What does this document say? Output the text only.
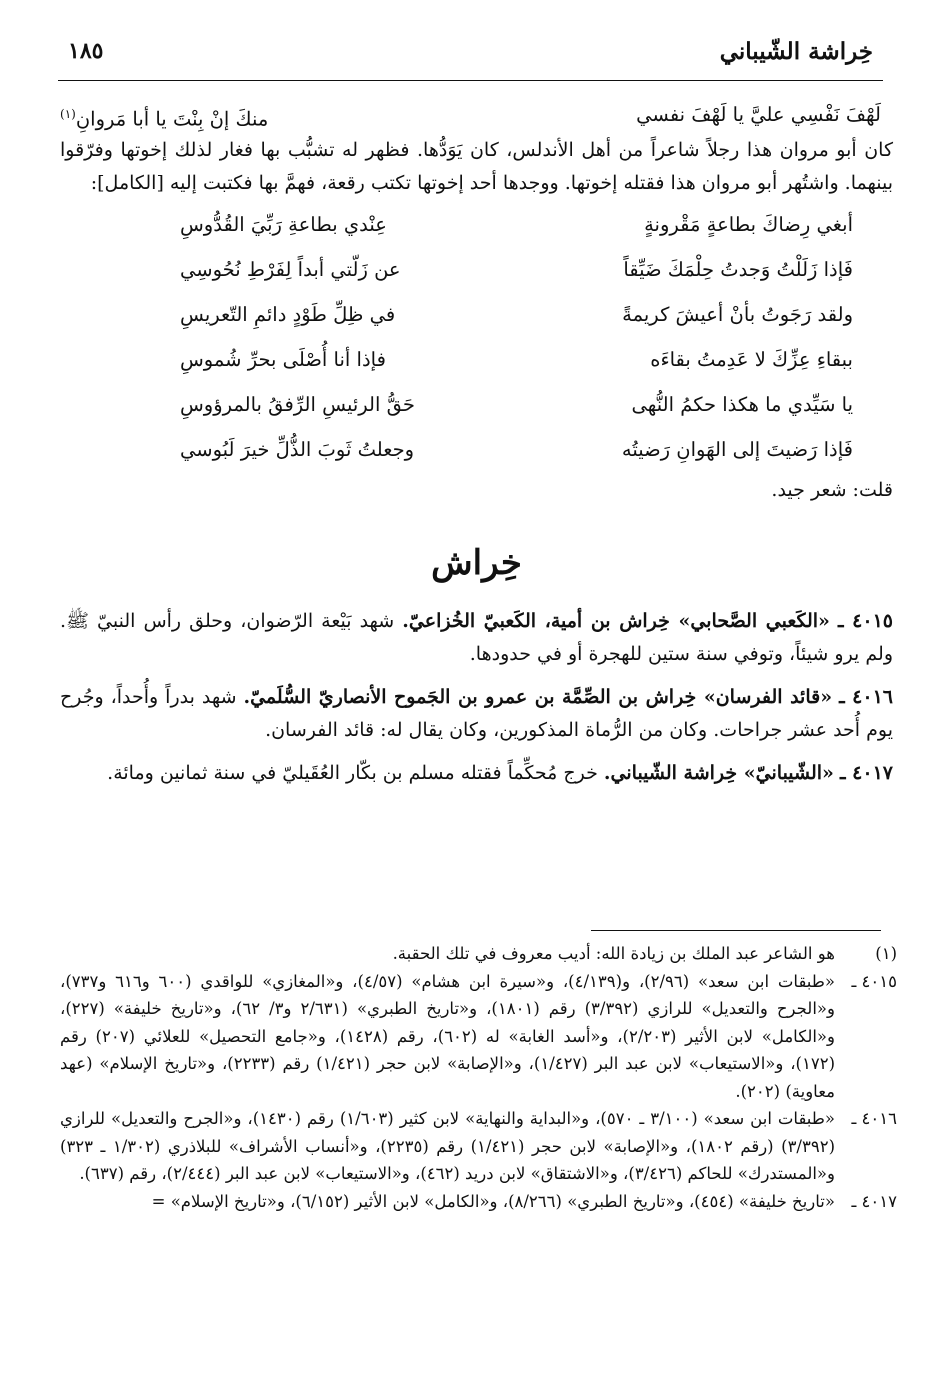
خِراشة الشّيباني
١٨٥
لَهْفَ نَفْسِي عليَّ يا لَهْفَ نفسي
منكَ إنْ بِنْتَ يا أبا مَروانِ$^{(١)}$

كان أبو مروان هذا رجلاً شاعراً من أهل الأندلس، كان يَوَدُّها. فظهر له تشبُّب بها فغار لذلك إخوتها وفرّقوا بينهما. واشتُهر أبو مروان هذا فقتله إخوتها. ووجدها أحد إخوتها تكتب رقعة، فهمَّ بها فكتبت إليه [الكامل]:

أبغي رِضاكَ بطاعةٍ مَقْرونةٍ
عِنْدي بطاعةِ رَبِّيَ القُدُّوسِ
فَإذا زَلَلْتُ وَجدتُ حِلْمَكَ ضَيِّقاً
عن زَلّتي أبداً لِفَرْطِ نُحُوسِي
ولقد رَجَوتُ بأنْ أعيشَ كريمةً
في ظِلِّ طَوْدٍ دائمِ التّعريسِ
ببقاءِ عِزِّكَ لا عَدِمتُ بقاءَه
فإذا أنا أُصْلَى بحرِّ شُموسِ
يا سَيِّدي ما هكذا حكمُ النُّهى
حَقُّ الرئيسِ الرِّفقُ بالمرؤوسِ
فَإذا رَضيتَ إلى الهَوانِ رَضيتُه
وجعلتُ ثَوبَ الذُّلِّ خيرَ لَبُوسي

قلت: شعر جيد.

خِراش

٤٠١٥ ـ «الكَعبي الصَّحابي» خِراش بن أمية، الكَعبيّ الخُزاعيّ. شهد بَيْعة الرّضوان، وحلق رأس النبيّ ﷺ. ولم يرو شيئاً، وتوفي سنة ستين للهجرة أو في حدودها.

٤٠١٦ ـ «قائد الفرسان» خِراش بن الصِّمَّة بن عمرو بن الجَموح الأنصاريّ السُّلَميّ. شهد بدراً وأُحداً، وجُرح يوم أُحد عشر جراحات. وكان من الرُّماة المذكورين، وكان يقال له: قائد الفرسان.

٤٠١٧ ـ «الشّيبانيّ» خِراشة الشّيباني. خرج مُحكِّماً فقتله مسلم بن بكّار العُقَيليّ في سنة ثمانين ومائة.

(١)
هو الشاعر عبد الملك بن زيادة الله: أديب معروف في تلك الحقبة.
٤٠١٥ ـ
«طبقات ابن سعد» (٢/٩٦)، و(٤/١٣٩)، و«سيرة ابن هشام» (٤/٥٧)، و«المغازي» للواقدي (٦٠٠ و٦١٦ و٧٣٧)، و«الجرح والتعديل» للرازي (٣/٣٩٢) رقم (١٨٠١)، و«تاريخ الطبري» (٢/٦٣١ و٣/ ٦٢)، و«تاريخ خليفة» (٢٢٧)، و«الكامل» لابن الأثير (٢/٢٠٣)، و«أسد الغابة» له (٦٠٢)، رقم (١٤٢٨)، و«جامع التحصيل» للعلائي (٢٠٧) رقم (١٧٢)، و«الاستيعاب» لابن عبد البر (١/٤٢٧)، و«الإصابة» لابن حجر (١/٤٢١) رقم (٢٢٣٣)، و«تاريخ الإسلام» (عهد معاوية) (٢٠٢).
٤٠١٦ ـ
«طبقات ابن سعد» (٣/١٠٠ ـ ٥٧٠)، و«البداية والنهاية» لابن كثير (١/٦٠٣) رقم (١٤٣٠)، و«الجرح والتعديل» للرازي (٣/٣٩٢) (رقم ١٨٠٢)، و«الإصابة» لابن حجر (١/٤٢١) رقم (٢٢٣٥)، و«أنساب الأشراف» للبلاذري (١/٣٠٢ ـ ٣٢٣) و«المستدرك» للحاكم (٣/٤٢٦)، و«الاشتقاق» لابن دريد (٤٦٢)، و«الاستيعاب» لابن عبد البر (٢/٤٤٤)، رقم (٦٣٧).
٤٠١٧ ـ
«تاريخ خليفة» (٤٥٤)، و«تاريخ الطبري» (٨/٢٦٦)، و«الكامل» لابن الأثير (٦/١٥٢)، و«تاريخ الإسلام» =
